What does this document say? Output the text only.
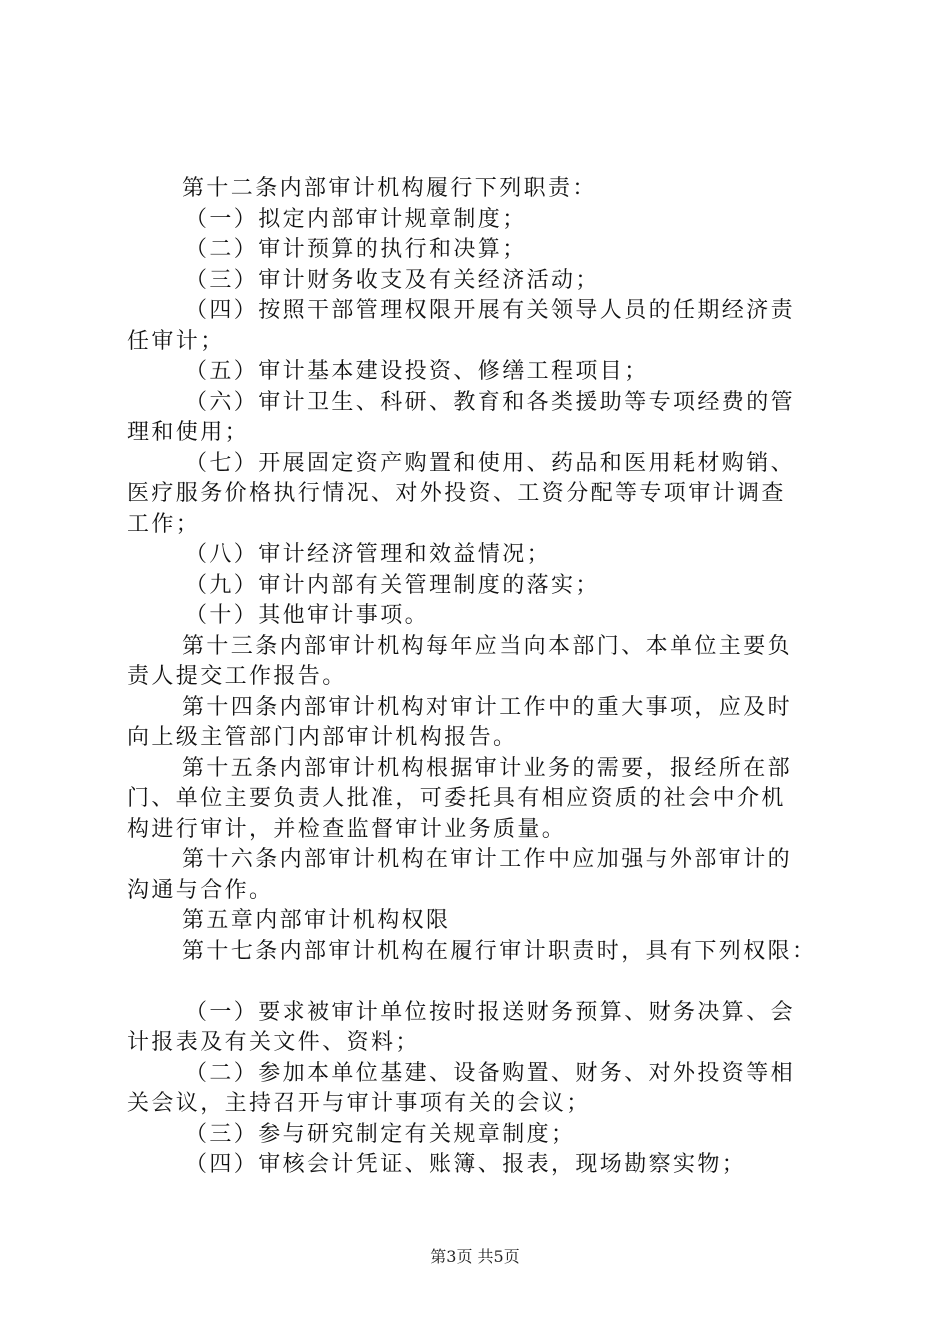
第十二条内部审计机构履行下列职责：
（一）拟定内部审计规章制度；
（二）审计预算的执行和决算；
（三）审计财务收支及有关经济活动；
（四）按照干部管理权限开展有关领导人员的任期经济责
任审计；
（五）审计基本建设投资、修缮工程项目；
（六）审计卫生、科研、教育和各类援助等专项经费的管
理和使用；
（七）开展固定资产购置和使用、药品和医用耗材购销、
医疗服务价格执行情况、对外投资、工资分配等专项审计调查
工作；
（八）审计经济管理和效益情况；
（九）审计内部有关管理制度的落实；
（十）其他审计事项。
第十三条内部审计机构每年应当向本部门、本单位主要负
责人提交工作报告。
第十四条内部审计机构对审计工作中的重大事项，应及时
向上级主管部门内部审计机构报告。
第十五条内部审计机构根据审计业务的需要，报经所在部
门、单位主要负责人批准，可委托具有相应资质的社会中介机
构进行审计，并检查监督审计业务质量。
第十六条内部审计机构在审计工作中应加强与外部审计的
沟通与合作。
第五章内部审计机构权限
第十七条内部审计机构在履行审计职责时，具有下列权限：
（一）要求被审计单位按时报送财务预算、财务决算、会
计报表及有关文件、资料；
（二）参加本单位基建、设备购置、财务、对外投资等相
关会议，主持召开与审计事项有关的会议；
（三）参与研究制定有关规章制度；
（四）审核会计凭证、账簿、报表，现场勘察实物；
第3页 共5页
